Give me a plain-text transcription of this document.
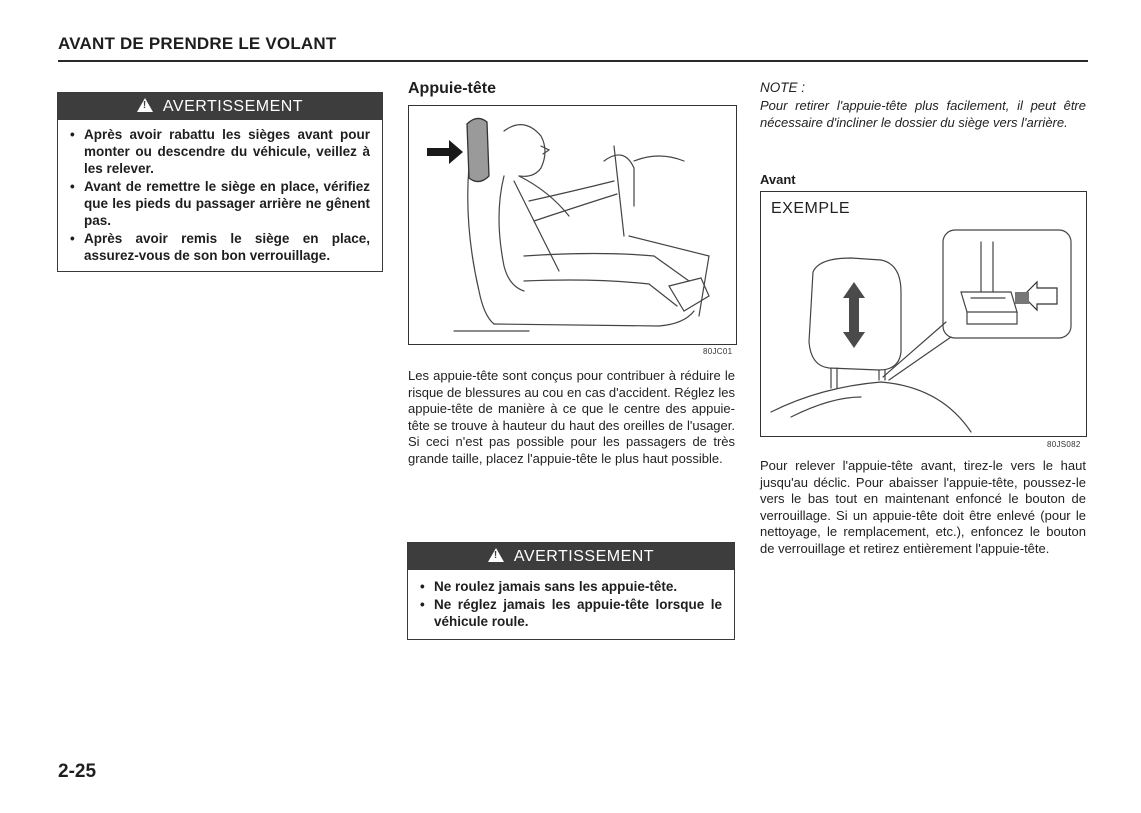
AVANT DE PRENDRE LE VOLANT
!AVERTISSEMENT
• Après avoir rabattu les sièges avant pour monter ou descendre du véhicule, veillez à les relever.
• Avant de remettre le siège en place, vérifiez que les pieds du passager arrière ne gênent pas.
• Après avoir remis le siège en place, assurez-vous de son bon verrouillage.
Appuie-tête
80JC01
Les appuie-tête sont conçus pour contribuer à réduire le risque de blessures au cou en cas d'accident. Réglez les appuie-tête de manière à ce que le centre des appuie-tête se trouve à hauteur du haut des oreilles de l'usager. Si ceci n'est pas possible pour les passagers de très grande taille, placez l'appuie-tête le plus haut possible.
!AVERTISSEMENT
• Ne roulez jamais sans les appuie-tête.
• Ne réglez jamais les appuie-tête lorsque le véhicule roule.
NOTE :
Pour retirer l'appuie-tête plus facilement, il peut être nécessaire d'incliner le dossier du siège vers l'arrière.
Avant
EXEMPLE
80JS082
Pour relever l'appuie-tête avant, tirez-le vers le haut jusqu'au déclic. Pour abaisser l'appuie-tête, poussez-le vers le bas tout en maintenant enfoncé le bouton de verrouillage. Si un appuie-tête doit être enlevé (pour le nettoyage, le remplacement, etc.), enfoncez le bouton de verrouillage et retirez entièrement l'appuie-tête.
2-25
